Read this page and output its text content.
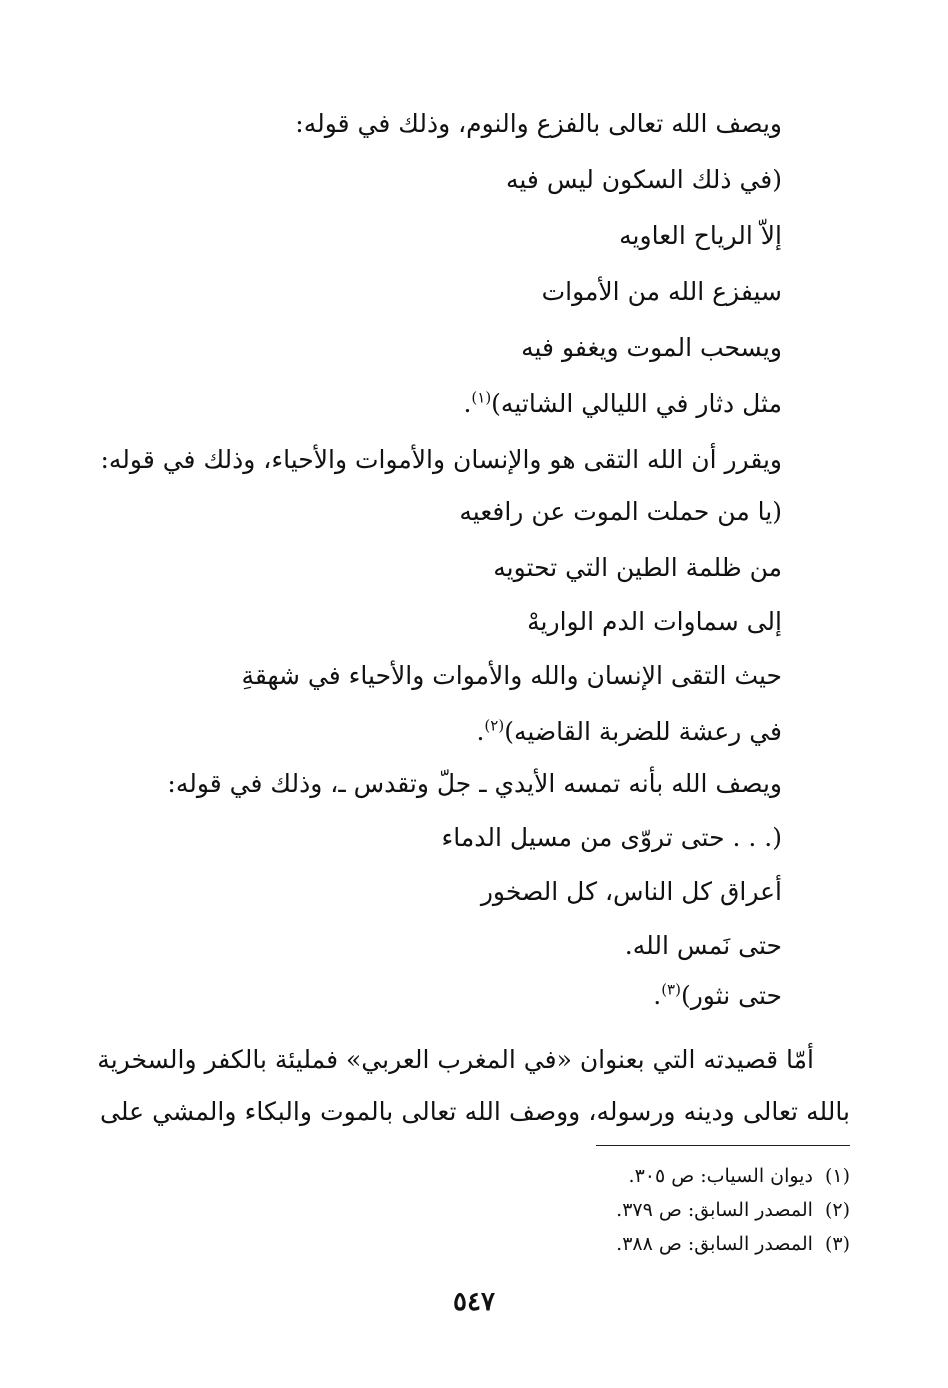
ويصف الله تعالى بالفزع والنوم، وذلك في قوله:
(في ذلك السكون ليس فيه
إلاّ الرياح العاويه
سيفزع الله من الأموات
ويسحب الموت ويغفو فيه
مثل دثار في الليالي الشاتيه)$^{(١)}$.
ويقرر أن الله التقى هو والإنسان والأموات والأحياء، وذلك في قوله:
(يا من حملت الموت عن رافعيه
من ظلمة الطين التي تحتويه
إلى سماوات الدم الواريهْ
حيث التقى الإنسان والله والأموات والأحياء في شهقةِ
في رعشة للضربة القاضيه)$^{(٢)}$.
ويصف الله بأنه تمسه الأيدي ـ جلّ وتقدس ـ، وذلك في قوله:
(. . . حتى تروّى من مسيل الدماء
أعراق كل الناس، كل الصخور
حتى نَمس الله.
حتى نثور)$^{(٣)}$.
أمّا قصيدته التي بعنوان «في المغرب العربي» فمليئة بالكفر والسخرية
بالله تعالى ودينه ورسوله، ووصف الله تعالى بالموت والبكاء والمشي على
(١)ديوان السياب: ص ٣٠٥.
(٢)المصدر السابق: ص ٣٧٩.
(٣)المصدر السابق: ص ٣٨٨.
٥٤٧
